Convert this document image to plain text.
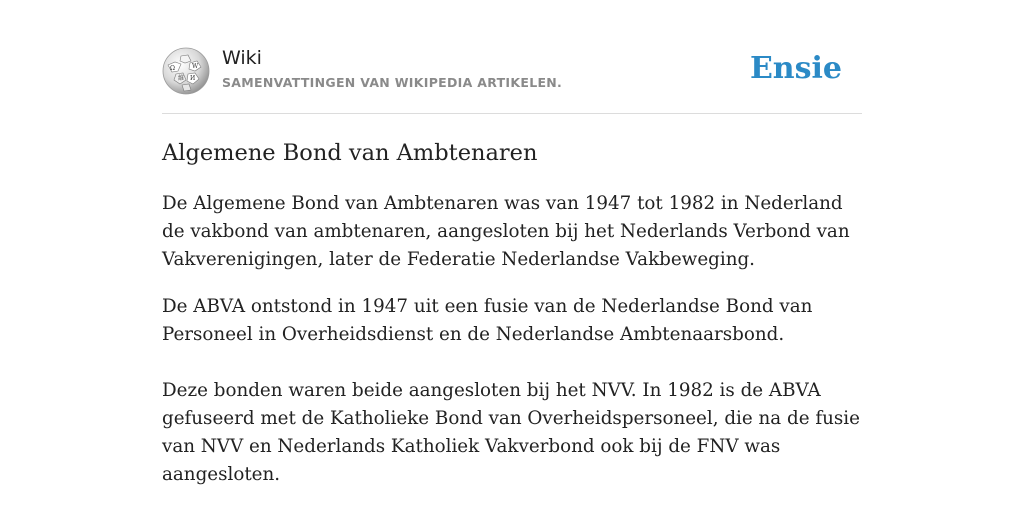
Ω	W
維 И
Wiki
SAMENVATTINGEN VAN WIKIPEDIA ARTIKELEN.	Ensie
Algemene Bond van Ambtenaren

De Algemene Bond van Ambtenaren was van 1947 tot 1982 in Nederland de vakbond van ambtenaren, aangesloten bij het Nederlands Verbond van Vakverenigingen, later de Federatie Nederlandse Vakbeweging.

De ABVA ontstond in 1947 uit een fusie van de Nederlandse Bond van Personeel in Overheidsdienst en de Nederlandse Ambtenaarsbond.

Deze bonden waren beide aangesloten bij het NVV. In 1982 is de ABVA gefuseerd met de Katholieke Bond van Overheidspersoneel, die na de fusie van NVV en Nederlands Katholiek Vakverbond ook bij de FNV was aangesloten.
